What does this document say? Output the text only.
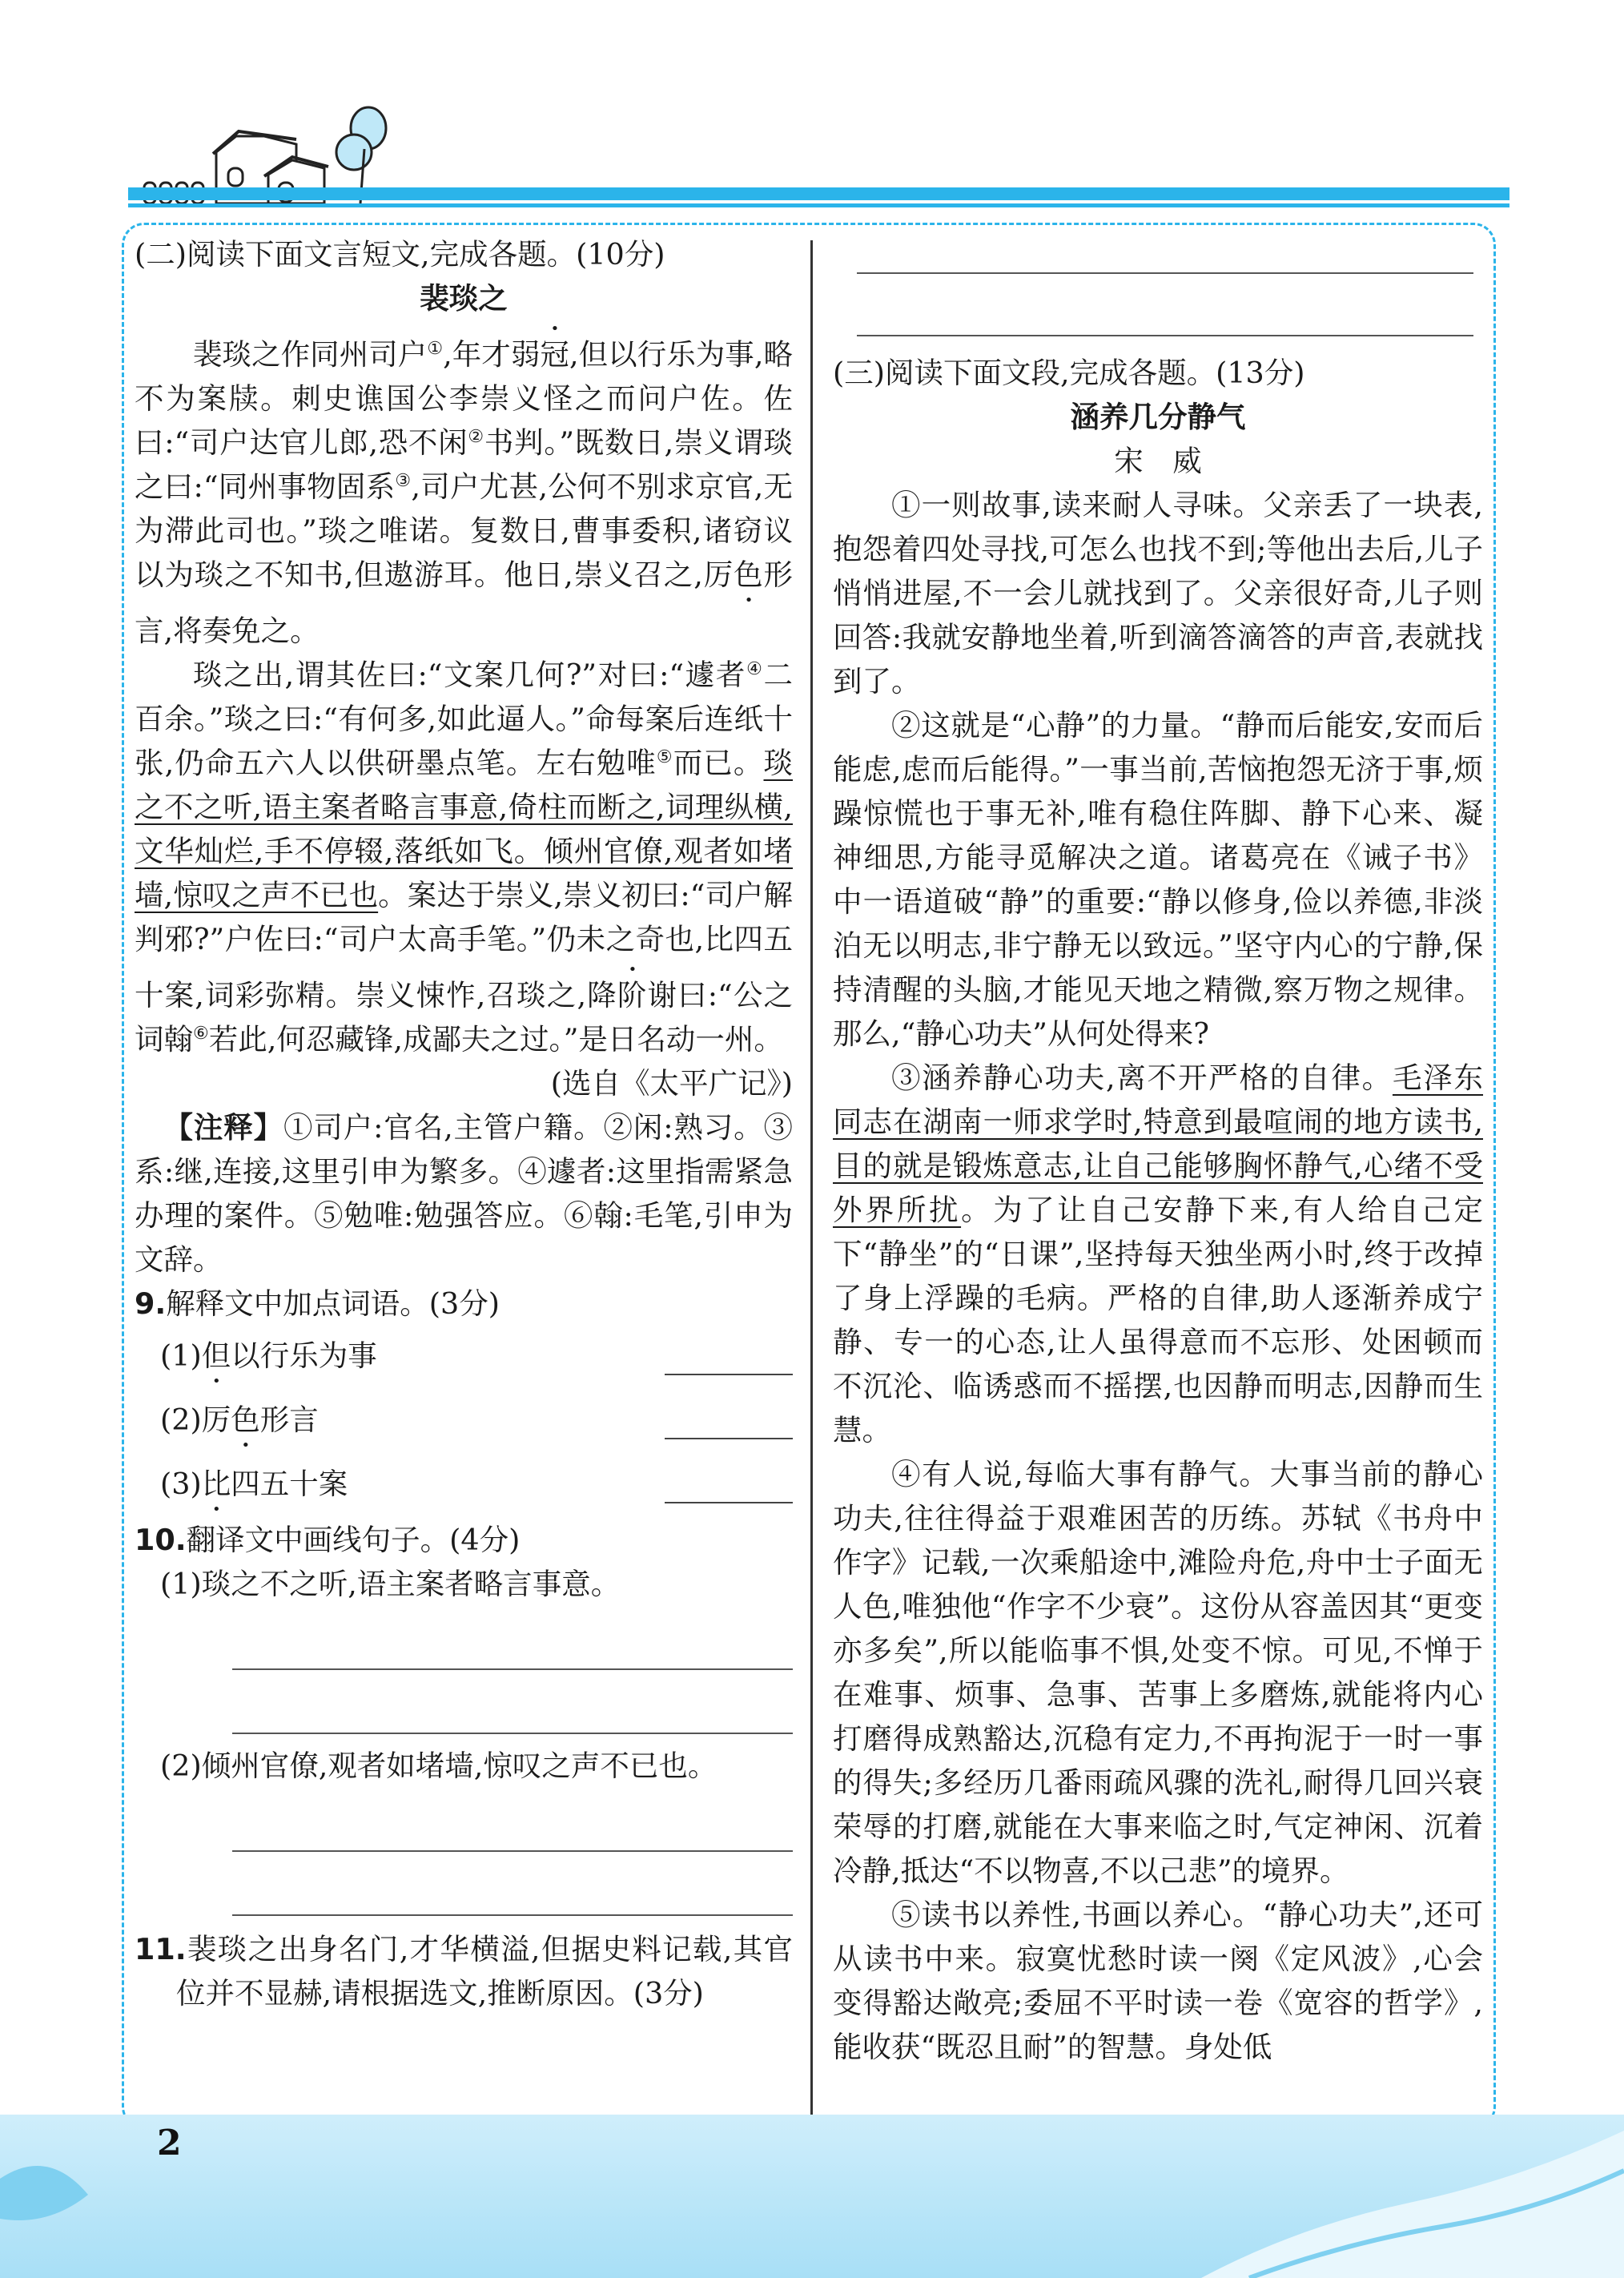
(二)阅读下面文言短文,完成各题。(10分)

裴琰之

裴琰之作同州司户①,年才弱冠,但以行乐为事,略不为案牍。刺史谯国公李崇义怪之而问户佐。佐曰:“司户达官儿郎,恐不闲②书判。”既数日,崇义谓琰之曰:“同州事物固系③,司户尤甚,公何不别求京官,无为滞此司也。”琰之唯诺。复数日,曹事委积,诸窃议以为琰之不知书,但遨游耳。他日,崇义召之,厉色形言,将奏免之。

琰之出,谓其佐曰:“文案几何?”对曰:“遽者④二百余。”琰之曰:“有何多,如此逼人。”命每案后连纸十张,仍命五六人以供研墨点笔。左右勉唯⑤而已。琰之不之听,语主案者略言事意,倚柱而断之,词理纵横,文华灿烂,手不停辍,落纸如飞。倾州官僚,观者如堵墙,惊叹之声不已也。案达于崇义,崇义初曰:“司户解判邪?”户佐曰:“司户太高手笔。”仍未之奇也,比四五十案,词彩弥精。崇义悚怍,召琰之,降阶谢曰:“公之词翰⑥若此,何忍藏锋,成鄙夫之过。”是日名动一州。

(选自《太平广记》)

【注释】①司户:官名,主管户籍。②闲:熟习。③系:继,连接,这里引申为繁多。④遽者:这里指需紧急办理的案件。⑤勉唯:勉强答应。⑥翰:毛笔,引申为文辞。

9.解释文中加点词语。(3分)

(1)但以行乐为事
(2)厉色形言
(3)比四五十案

10.翻译文中画线句子。(4分)

(1)琰之不之听,语主案者略言事意。

(2)倾州官僚,观者如堵墙,惊叹之声不已也。

11.裴琰之出身名门,才华横溢,但据史料记载,其官位并不显赫,请根据选文,推断原因。(3分)

(三)阅读下面文段,完成各题。(13分)

涵养几分静气

宋　威

①一则故事,读来耐人寻味。父亲丢了一块表,抱怨着四处寻找,可怎么也找不到;等他出去后,儿子悄悄进屋,不一会儿就找到了。父亲很好奇,儿子则回答:我就安静地坐着,听到滴答滴答的声音,表就找到了。

②这就是“心静”的力量。“静而后能安,安而后能虑,虑而后能得。”一事当前,苦恼抱怨无济于事,烦躁惊慌也于事无补,唯有稳住阵脚、静下心来、凝神细思,方能寻觅解决之道。诸葛亮在《诫子书》中一语道破“静”的重要:“静以修身,俭以养德,非淡泊无以明志,非宁静无以致远。”坚守内心的宁静,保持清醒的头脑,才能见天地之精微,察万物之规律。那么,“静心功夫”从何处得来?

③涵养静心功夫,离不开严格的自律。毛泽东同志在湖南一师求学时,特意到最喧闹的地方读书,目的就是锻炼意志,让自己能够胸怀静气,心绪不受外界所扰。为了让自己安静下来,有人给自己定下“静坐”的“日课”,坚持每天独坐两小时,终于改掉了身上浮躁的毛病。严格的自律,助人逐渐养成宁静、专一的心态,让人虽得意而不忘形、处困顿而不沉沦、临诱惑而不摇摆,也因静而明志,因静而生慧。

④有人说,每临大事有静气。大事当前的静心功夫,往往得益于艰难困苦的历练。苏轼《书舟中作字》记载,一次乘船途中,滩险舟危,舟中士子面无人色,唯独他“作字不少衰”。这份从容盖因其“更变亦多矣”,所以能临事不惧,处变不惊。可见,不惮于在难事、烦事、急事、苦事上多磨炼,就能将内心打磨得成熟豁达,沉稳有定力,不再拘泥于一时一事的得失;多经历几番雨疏风骤的洗礼,耐得几回兴衰荣辱的打磨,就能在大事来临之时,气定神闲、沉着冷静,抵达“不以物喜,不以己悲”的境界。

⑤读书以养性,书画以养心。“静心功夫”,还可从读书中来。寂寞忧愁时读一阕《定风波》,心会变得豁达敞亮;委屈不平时读一卷《宽容的哲学》,能收获“既忍且耐”的智慧。身处低

2
